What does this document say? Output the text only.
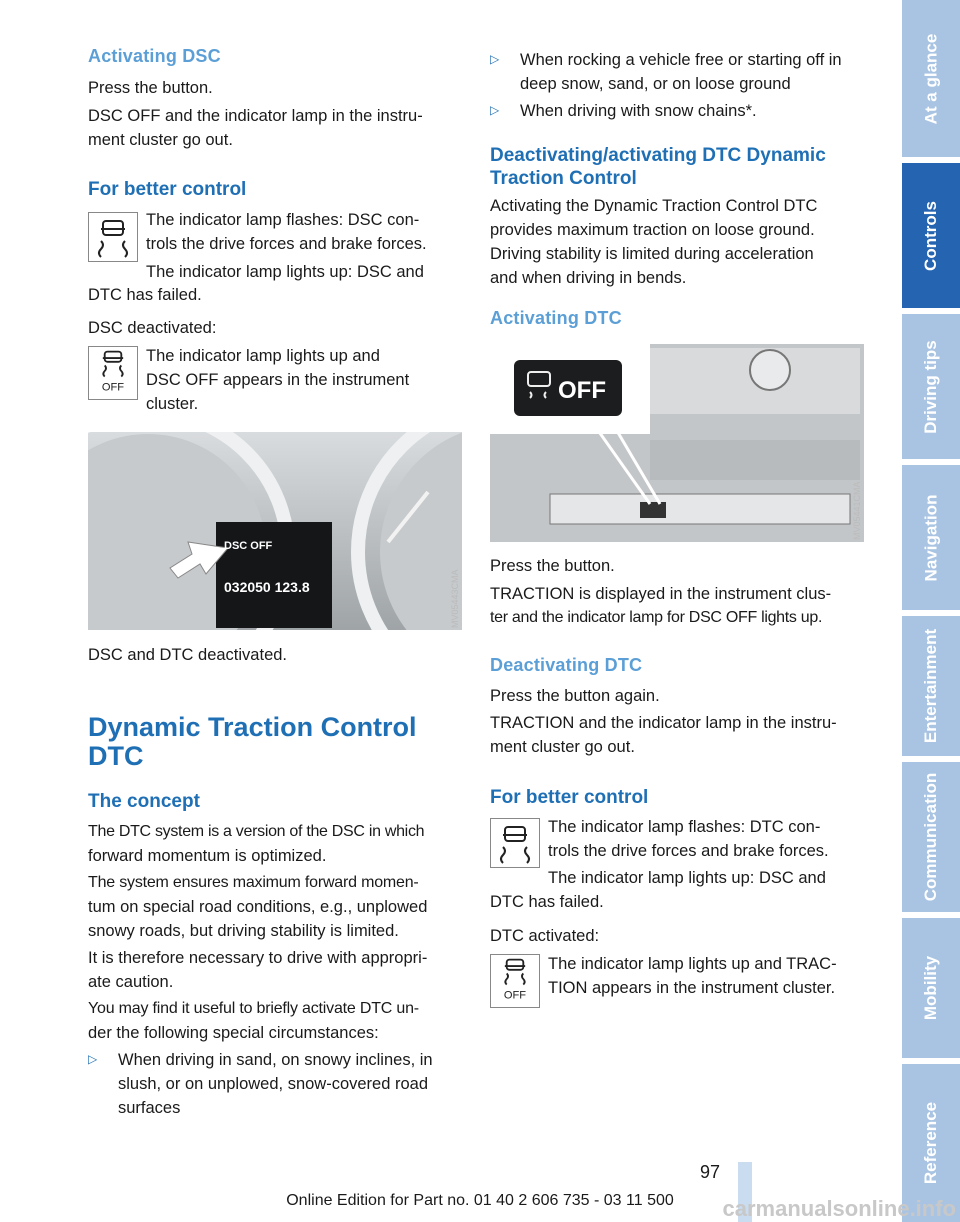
Activating DSC

Press the button.

DSC OFF and the indicator lamp in the instru-

ment cluster go out.

For better control

The indicator lamp flashes: DSC con-

trols the drive forces and brake forces.

The indicator lamp lights up: DSC and

DTC has failed.

DSC deactivated:

OFF

The indicator lamp lights up and

DSC OFF appears in the instrument

cluster.

DSC OFF
032050 123.8	MV05443CMA

DSC and DTC deactivated.

Dynamic Traction Control
DTC
The concept

The DTC system is a version of the DSC in which

forward momentum is optimized.

The system ensures maximum forward momen-

tum on special road conditions, e.g., unplowed

snowy roads, but driving stability is limited.

It is therefore necessary to drive with appropri-

ate caution.

You may find it useful to briefly activate DTC un-

der the following special circumstances:

▷ When driving in sand, on snowy inclines, in

slush, or on unplowed, snow-covered road

surfaces

▷ When rocking a vehicle free or starting off in

deep snow, sand, or on loose ground

▷ When driving with snow chains*.

Deactivating/activating DTC Dynamic
Traction Control

Activating the Dynamic Traction Control DTC

provides maximum traction on loose ground.

Driving stability is limited during acceleration

and when driving in bends.

Activating DTC
OFF
MV05441CMA

Press the button.

TRACTION is displayed in the instrument clus-

ter and the indicator lamp for DSC OFF lights up.

Deactivating DTC

Press the button again.

TRACTION and the indicator lamp in the instru-

ment cluster go out.

For better control

The indicator lamp flashes: DTC con-

trols the drive forces and brake forces.

The indicator lamp lights up: DSC and

DTC has failed.

DTC activated:

OFF

The indicator lamp lights up and TRAC-

TION appears in the instrument cluster.

At a glance
Controls
Driving tips
Navigation
Entertainment
Communication
Mobility
Reference
97
Online Edition for Part no. 01 40 2 606 735 - 03 11 500	carmanualsonline.info
